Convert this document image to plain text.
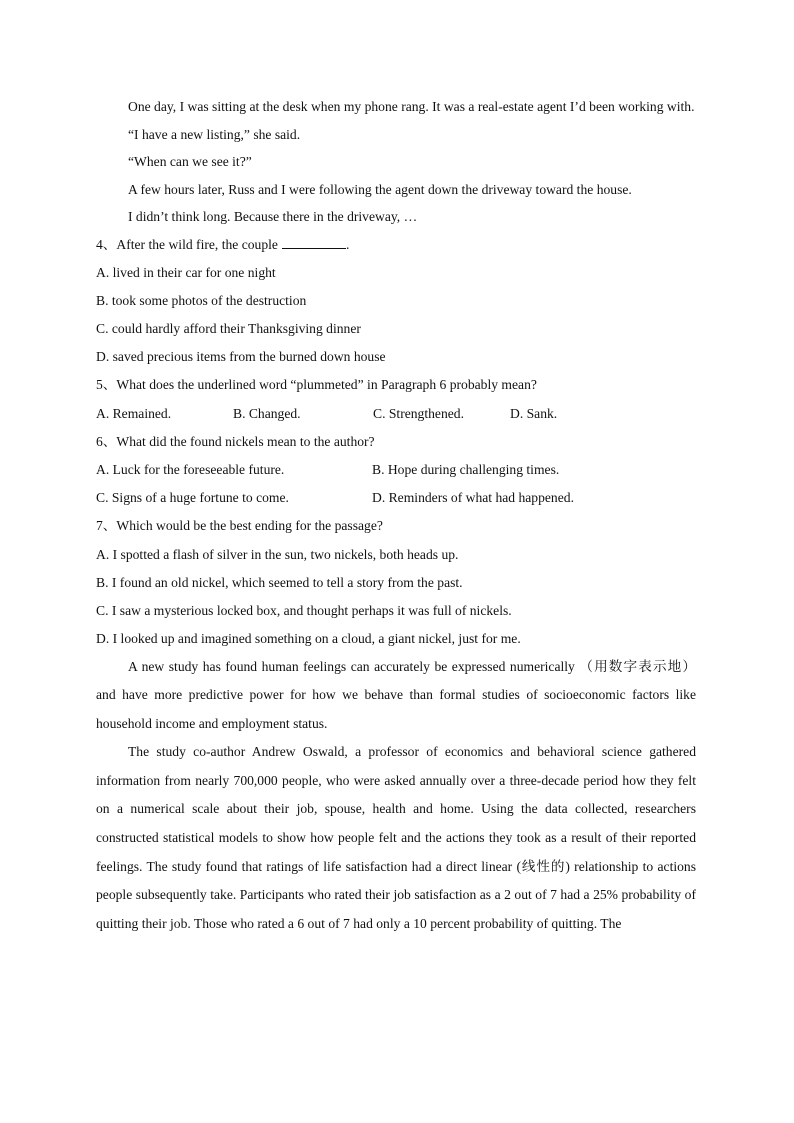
One day, I was sitting at the desk when my phone rang. It was a real-estate agent I’d been working with.

“I have a new listing,” she said.

“When can we see it?”

A few hours later, Russ and I were following the agent down the driveway toward the house.

I didn’t think long. Because there in the driveway, …

4、After the wild fire, the couple	.

A. lived in their car for one night

B. took some photos of the destruction

C. could hardly afford their Thanksgiving dinner

D. saved precious items from the burned down house

5、What does the underlined word “plummeted” in Paragraph 6 probably mean?

A. Remained.	B. Changed.	C. Strengthened.	D. Sank.

6、What did the found nickels mean to the author?

A. Luck for the foreseeable future.	B. Hope during challenging times.
C. Signs of a huge fortune to come.	D. Reminders of what had happened.

7、Which would be the best ending for the passage?

A. I spotted a flash of silver in the sun, two nickels, both heads up.

B. I found an old nickel, which seemed to tell a story from the past.

C. I saw a mysterious locked box, and thought perhaps it was full of nickels.

D. I looked up and imagined something on a cloud, a giant nickel, just for me.

A new study has found human feelings can accurately be expressed numerically （用数字表示地） and have more predictive power for how we behave than formal studies of socioeconomic factors like household income and employment status.

The study co-author Andrew Oswald, a professor of economics and behavioral science gathered information from nearly 700,000 people, who were asked annually over a three-decade period how they felt on a numerical scale about their job, spouse, health and home. Using the data collected, researchers constructed statistical models to show how people felt and the actions they took as a result of their reported feelings. The study found that ratings of life satisfaction had a direct linear (线性的) relationship to actions people subsequently take. Participants who rated their job satisfaction as a 2 out of 7 had a 25% probability of quitting their job. Those who rated a 6 out of 7 had only a 10 percent probability of quitting. The
